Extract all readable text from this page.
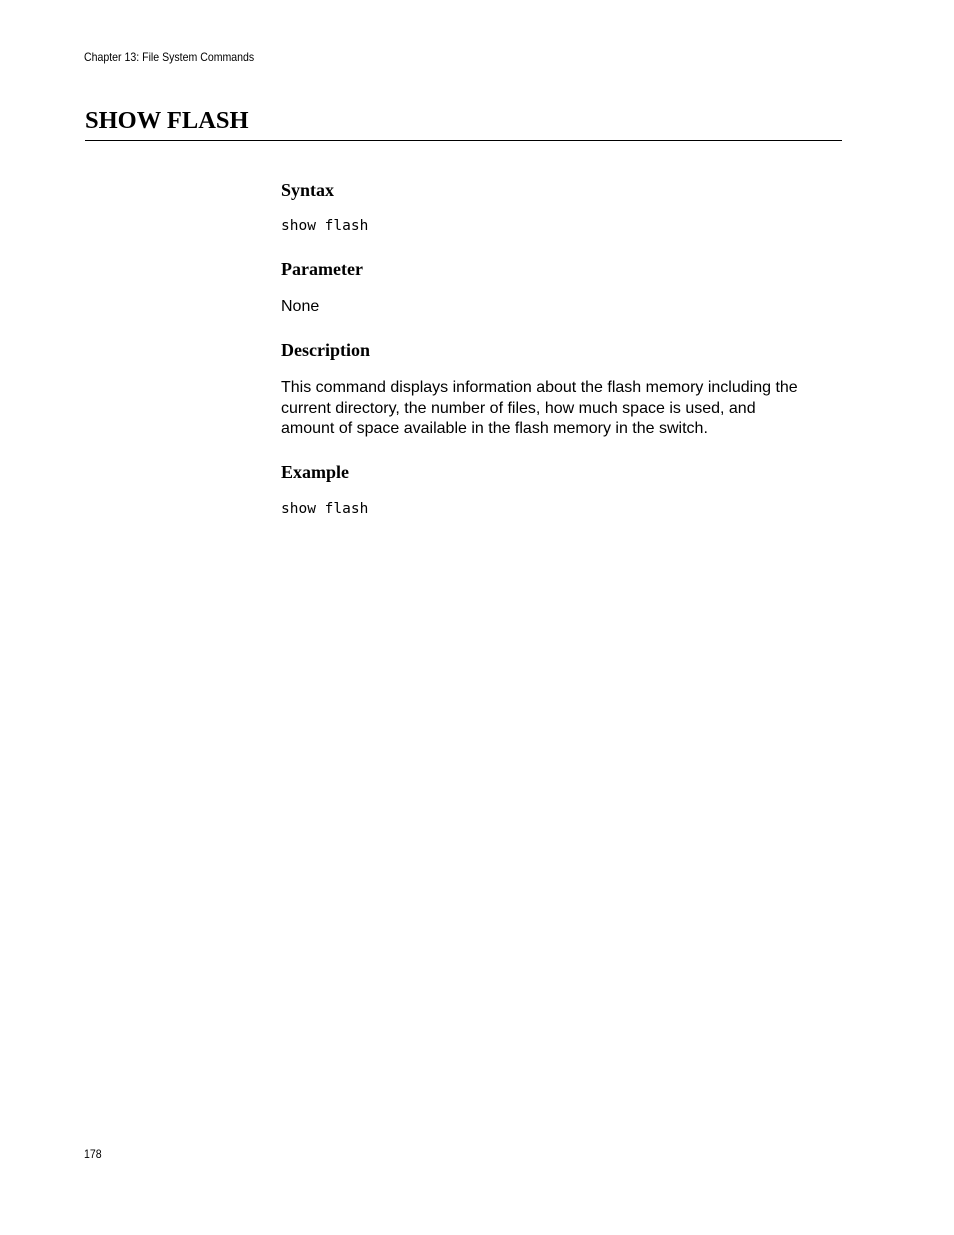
Chapter 13: File System Commands
SHOW FLASH
Syntax
show flash
Parameter
None
Description
This command displays information about the flash memory including the
current directory, the number of files, how much space is used, and
amount of space available in the flash memory in the switch.
Example
show flash
178
